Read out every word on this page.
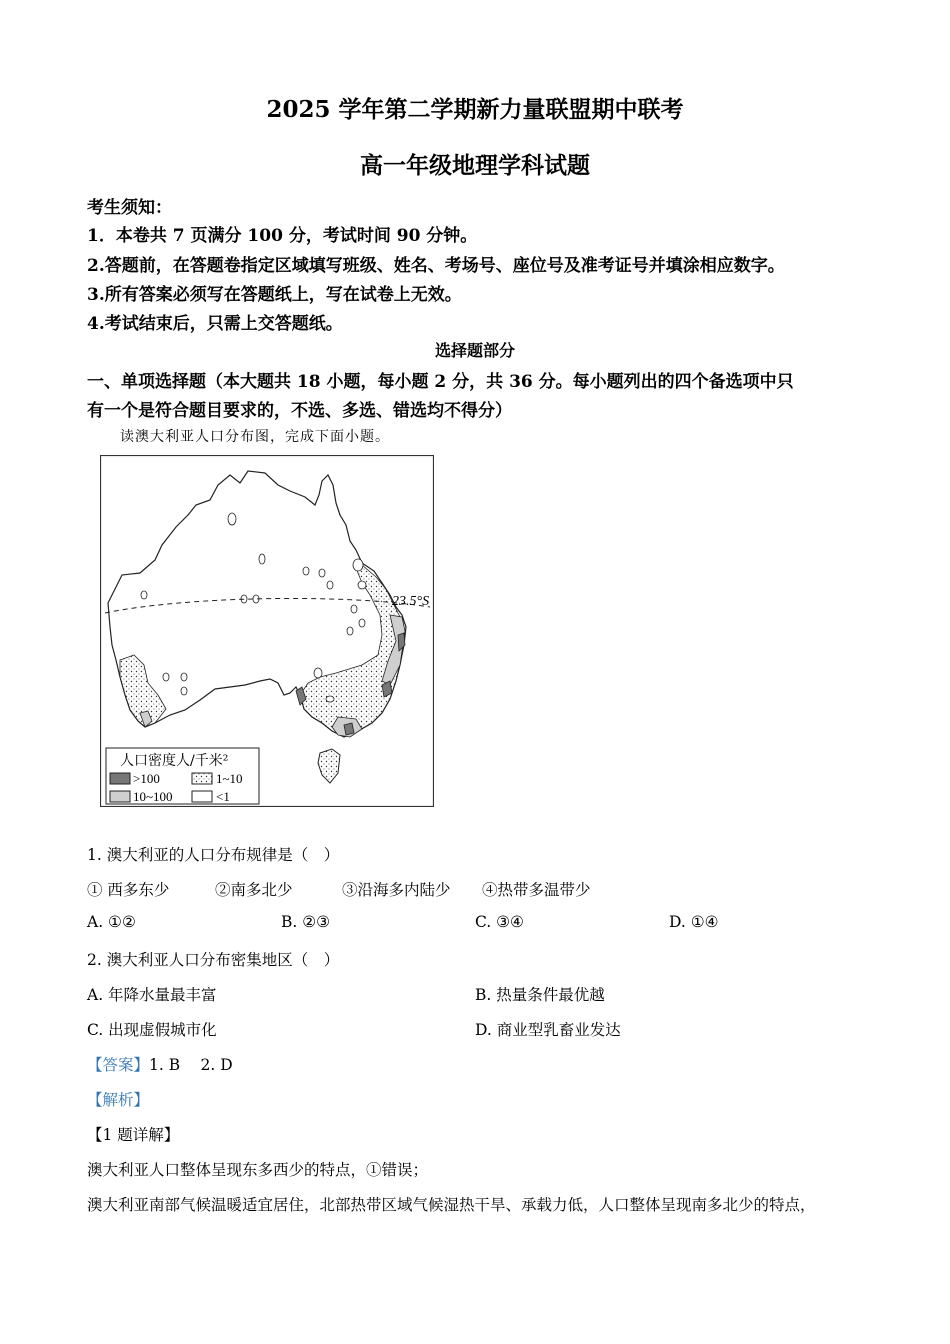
2025 学年第二学期新力量联盟期中联考
高一年级地理学科试题
考生须知：
1．本卷共 7 页满分 100 分，考试时间 90 分钟。
2.答题前，在答题卷指定区域填写班级、姓名、考场号、座位号及准考证号并填涂相应数字。
3.所有答案必须写在答题纸上，写在试卷上无效。
4.考试结束后，只需上交答题纸。
选择题部分
一、单项选择题（本大题共 18 小题，每小题 2 分，共 36 分。每小题列出的四个备选项中只
有一个是符合题目要求的，不选、多选、错选均不得分）
读澳大利亚人口分布图，完成下面小题。
23.5°S
人口密度人/千米²
>100	1~10
10~100	<1
1. 澳大利亚的人口分布规律是（　）
① 西多东少	②南多北少	③沿海多内陆少 ④热带多温带少
A. ①②	B. ②③	C. ③④	D. ①④
2. 澳大利亚人口分布密集地区（　）
A. 年降水量最丰富	B. 热量条件最优越
C. 出现虚假城市化	D. 商业型乳畜业发达
【答案】1. B　 2. D
【解析】
【1 题详解】
澳大利亚人口整体呈现东多西少的特点，①错误；
澳大利亚南部气候温暖适宜居住，北部热带区域气候湿热干旱、承载力低，人口整体呈现南多北少的特点，
